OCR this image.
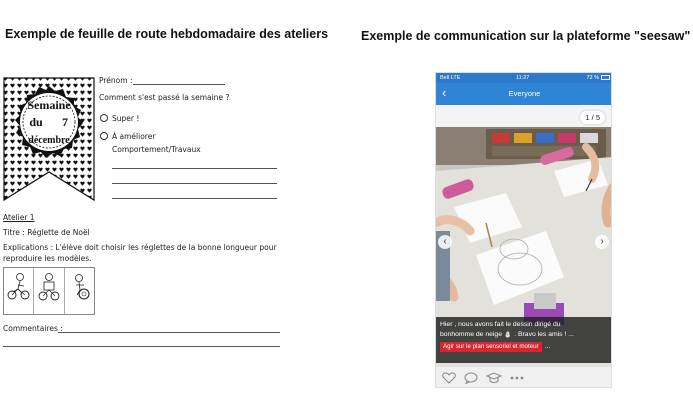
Exemple de feuille de route hebdomadaire des ateliers	Exemple de communication sur la plateforme "seesaw"
Semaine
du 7
décembre
Prénom :
Comment s'est passé la semaine ?
Super !
À améliorer
Comportement/Travaux
Atelier 1
Titre : Réglette de Noël
Explications : L'élève doit choisir les réglettes de la bonne longueur pour
reproduire les modèles.
Commentaires :
Bell LTE	11:27	72 %
‹	Everyone
1 / 5
‹	›
Hier , nous avons fait le dessin dirigé du
bonhomme de neige ⛄ . Bravo les amis ! ...
Agir sur le plan sensoriel et moteur ...
